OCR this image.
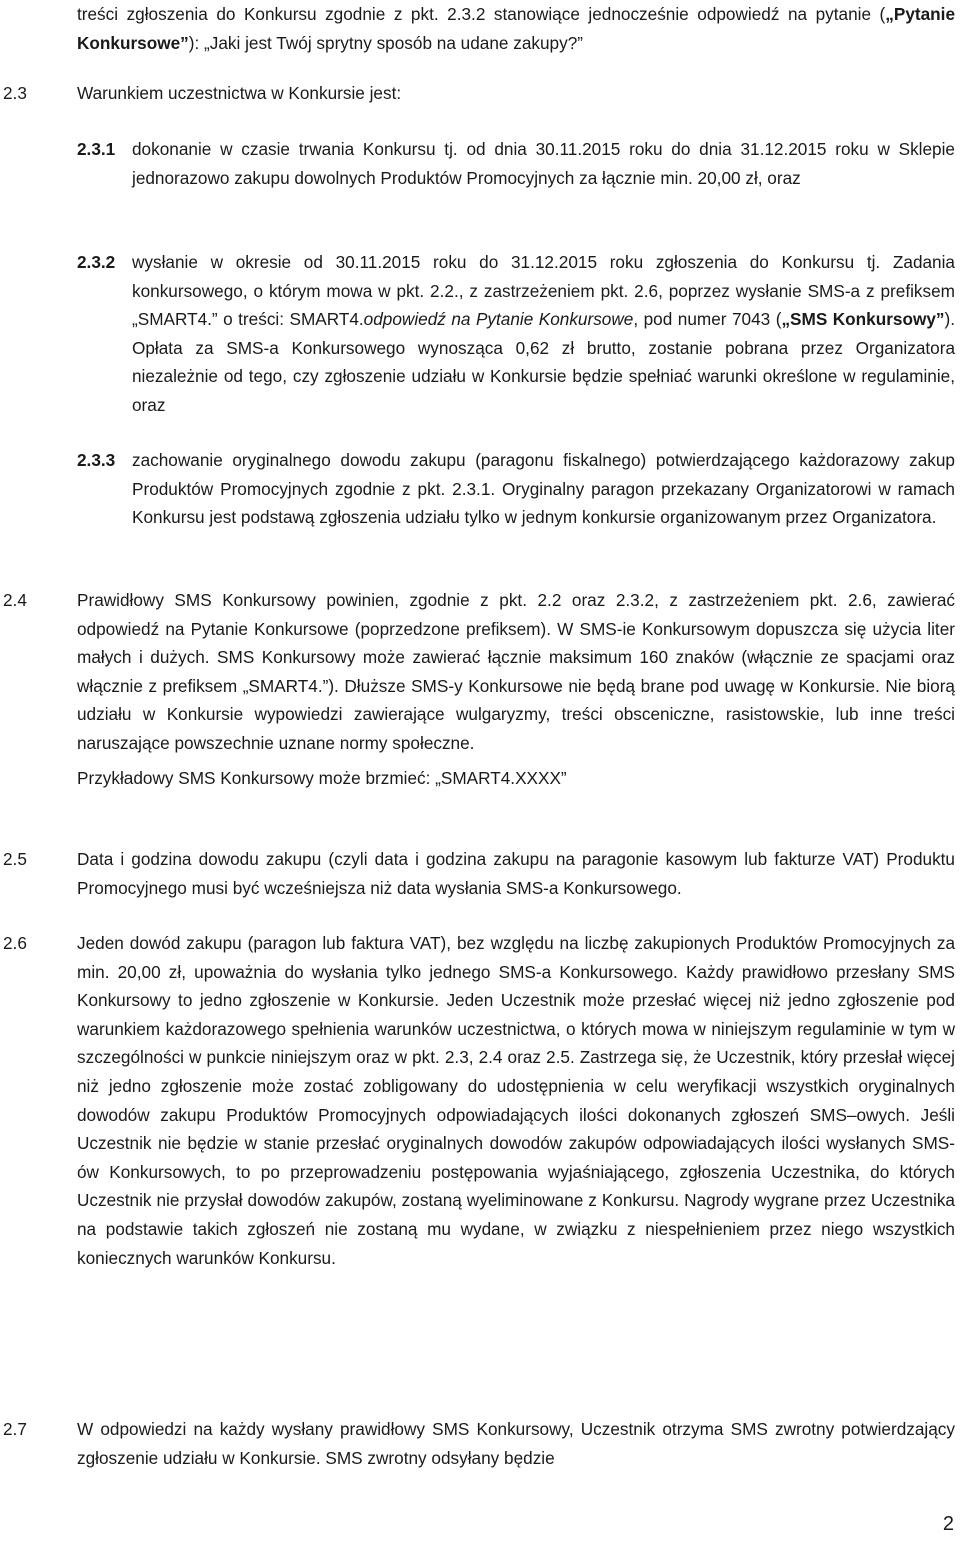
treści zgłoszenia do Konkursu zgodnie z pkt. 2.3.2 stanowiące jednocześnie odpowiedź na pytanie („Pytanie Konkursowe”): „Jaki jest Twój sprytny sposób na udane zakupy?”
2.3	Warunkiem uczestnictwa w Konkursie jest:
2.3.1 dokonanie w czasie trwania Konkursu tj. od dnia 30.11.2015 roku do dnia 31.12.2015 roku w Sklepie jednorazowo zakupu dowolnych Produktów Promocyjnych za łącznie min. 20,00 zł, oraz
2.3.2 wysłanie w okresie od 30.11.2015 roku do 31.12.2015 roku zgłoszenia do Konkursu tj. Zadania konkursowego, o którym mowa w pkt. 2.2., z zastrzeżeniem pkt. 2.6, poprzez wysłanie SMS-a z prefiksem „SMART4.” o treści: SMART4.odpowiedź na Pytanie Konkursowe, pod numer 7043 („SMS Konkursowy”). Opłata za SMS-a Konkursowego wynosząca 0,62 zł brutto, zostanie pobrana przez Organizatora niezależnie od tego, czy zgłoszenie udziału w Konkursie będzie spełniać warunki określone w regulaminie, oraz
2.3.3 zachowanie oryginalnego dowodu zakupu (paragonu fiskalnego) potwierdzającego każdorazowy zakup Produktów Promocyjnych zgodnie z pkt. 2.3.1. Oryginalny paragon przekazany Organizatorowi w ramach Konkursu jest podstawą zgłoszenia udziału tylko w jednym konkursie organizowanym przez Organizatora.
2.4	Prawidłowy SMS Konkursowy powinien, zgodnie z pkt. 2.2 oraz 2.3.2, z zastrzeżeniem pkt. 2.6, zawierać odpowiedź na Pytanie Konkursowe (poprzedzone prefiksem). W SMS-ie Konkursowym dopuszcza się użycia liter małych i dużych. SMS Konkursowy może zawierać łącznie maksimum 160 znaków (włącznie ze spacjami oraz włącznie z prefiksem „SMART4.”). Dłuższe SMS-y Konkursowe nie będą brane pod uwagę w Konkursie. Nie biorą udziału w Konkursie wypowiedzi zawierające wulgaryzmy, treści obsceniczne, rasistowskie, lub inne treści naruszające powszechnie uznane normy społeczne.
Przykładowy SMS Konkursowy może brzmieć: „SMART4.XXXX”
2.5	Data i godzina dowodu zakupu (czyli data i godzina zakupu na paragonie kasowym lub fakturze VAT) Produktu Promocyjnego musi być wcześniejsza niż data wysłania SMS-a Konkursowego.
2.6	Jeden dowód zakupu (paragon lub faktura VAT), bez względu na liczbę zakupionych Produktów Promocyjnych za min. 20,00 zł, upoważnia do wysłania tylko jednego SMS-a Konkursowego. Każdy prawidłowo przesłany SMS Konkursowy to jedno zgłoszenie w Konkursie. Jeden Uczestnik może przesłać więcej niż jedno zgłoszenie pod warunkiem każdorazowego spełnienia warunków uczestnictwa, o których mowa w niniejszym regulaminie w tym w szczególności w punkcie niniejszym oraz w pkt. 2.3, 2.4 oraz 2.5. Zastrzega się, że Uczestnik, który przesłał więcej niż jedno zgłoszenie może zostać zobligowany do udostępnienia w celu weryfikacji wszystkich oryginalnych dowodów zakupu Produktów Promocyjnych odpowiadających ilości dokonanych zgłoszeń SMS–owych. Jeśli Uczestnik nie będzie w stanie przesłać oryginalnych dowodów zakupów odpowiadających ilości wysłanych SMS-ów Konkursowych, to po przeprowadzeniu postępowania wyjaśniającego, zgłoszenia Uczestnika, do których Uczestnik nie przysłał dowodów zakupów, zostaną wyeliminowane z Konkursu. Nagrody wygrane przez Uczestnika na podstawie takich zgłoszeń nie zostaną mu wydane, w związku z niespełnieniem przez niego wszystkich koniecznych warunków Konkursu.
2.7	W odpowiedzi na każdy wysłany prawidłowy SMS Konkursowy, Uczestnik otrzyma SMS zwrotny potwierdzający zgłoszenie udziału w Konkursie. SMS zwrotny odsyłany będzie
2
